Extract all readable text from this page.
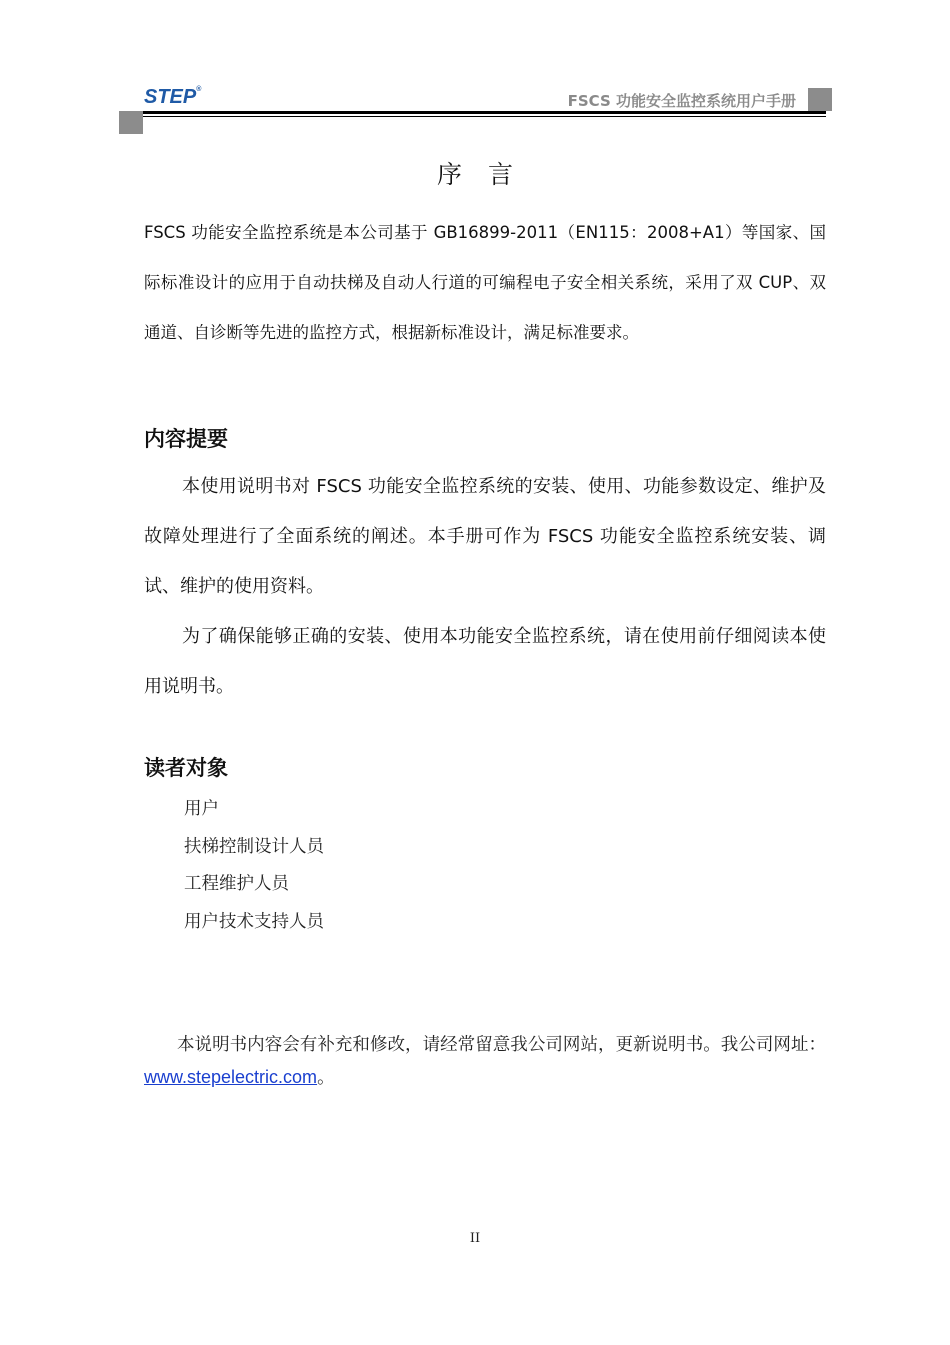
STEP®
FSCS 功能安全监控系统用户手册
序 言

FSCS 功能安全监控系统是本公司基于 GB16899-2011（EN115：2008+A1）等国家、国际标准设计的应用于自动扶梯及自动人行道的可编程电子安全相关系统，采用了双 CUP、双通道、自诊断等先进的监控方式，根据新标准设计，满足标准要求。

内容提要

本使用说明书对 FSCS 功能安全监控系统的安装、使用、功能参数设定、维护及故障处理进行了全面系统的阐述。本手册可作为 FSCS 功能安全监控系统安装、调试、维护的使用资料。

为了确保能够正确的安装、使用本功能安全监控系统，请在使用前仔细阅读本使用说明书。

读者对象
用户
扶梯控制设计人员
工程维护人员
用户技术支持人员

本说明书内容会有补充和修改，请经常留意我公司网站，更新说明书。我公司网址：www.stepelectric.com。

II
